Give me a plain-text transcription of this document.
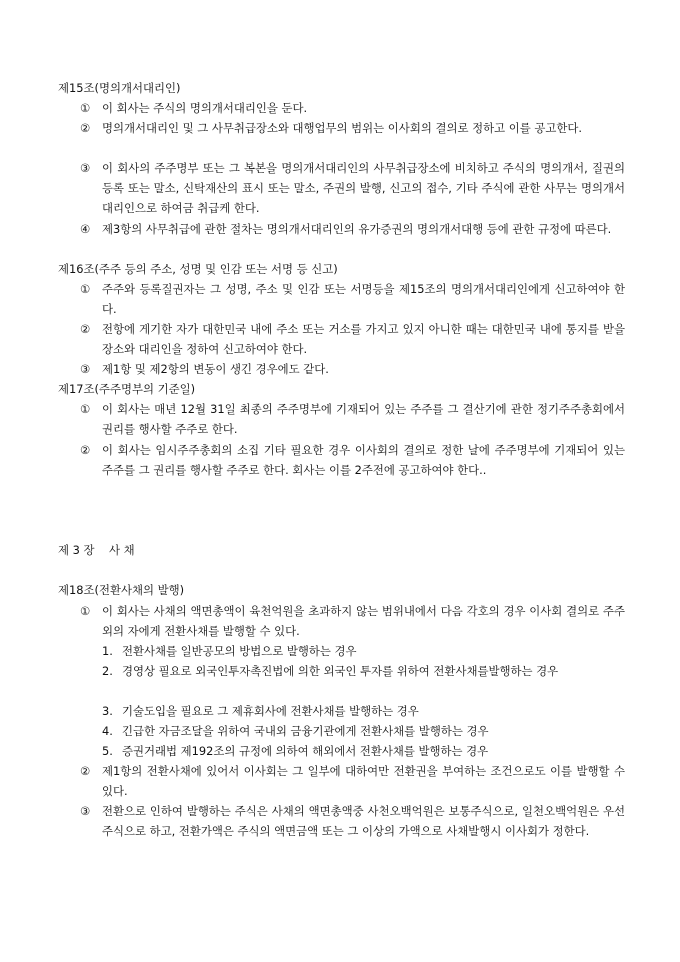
제15조(명의개서대리인)
①	이 회사는 주식의 명의개서대리인을 둔다.
②	명의개서대리인 및 그 사무취급장소와 대행업무의 범위는 이사회의 결의로 정하고 이를 공고한다.
③	이 회사의 주주명부 또는 그 복본을 명의개서대리인의 사무취급장소에 비치하고 주식의 명의개서, 질권의 등록 또는 말소, 신탁재산의 표시 또는 말소, 주권의 발행, 신고의 접수, 기타 주식에 관한 사무는 명의개서대리인으로 하여금 취급케 한다.
④	제3항의 사무취급에 관한 절차는 명의개서대리인의 유가증권의 명의개서대행 등에 관한 규정에 따른다.
제16조(주주 등의 주소, 성명 및 인감 또는 서명 등 신고)
①	주주와 등록질권자는 그 성명, 주소 및 인감 또는 서명등을 제15조의 명의개서대리인에게 신고하여야 한다.
②	전항에 게기한 자가 대한민국 내에 주소 또는 거소를 가지고 있지 아니한 때는 대한민국 내에 통지를 받을 장소와 대리인을 정하여 신고하여야 한다.
③	제1항 및 제2항의 변동이 생긴 경우에도 같다.
제17조(주주명부의 기준일)
①	이 회사는 매년 12월 31일 최종의 주주명부에 기재되어 있는 주주를 그 결산기에 관한 정기주주총회에서 권리를 행사할 주주로 한다.
②	이 회사는 임시주주총회의 소집 기타 필요한 경우 이사회의 결의로 정한 날에 주주명부에 기재되어 있는 주주를 그 권리를 행사할 주주로 한다. 회사는 이를 2주전에 공고하여야 한다..
제 3 장 사 채
제18조(전환사채의 발행)
①	이 회사는 사채의 액면총액이 육천억원을 초과하지 않는 범위내에서 다음 각호의 경우 이사회 결의로 주주외의 자에게 전환사채를 발행할 수 있다.
1. 전환사채를 일반공모의 방법으로 발행하는 경우
2. 경영상 필요로 외국인투자촉진법에 의한 외국인 투자를 위하여 전환사채를발행하는 경우
3. 기술도입을 필요로 그 제휴회사에 전환사채를 발행하는 경우
4. 긴급한 자금조달을 위하여 국내외 금융기관에게 전환사채를 발행하는 경우
5. 증권거래법 제192조의 규정에 의하여 해외에서 전환사채를 발행하는 경우
②	제1항의 전환사채에 있어서 이사회는 그 일부에 대하여만 전환권을 부여하는 조건으로도 이를 발행할 수 있다.
③	전환으로 인하여 발행하는 주식은 사채의 액면총액중 사천오백억원은 보통주식으로, 일천오백억원은 우선주식으로 하고, 전환가액은 주식의 액면금액 또는 그 이상의 가액으로 사채발행시 이사회가 정한다.
